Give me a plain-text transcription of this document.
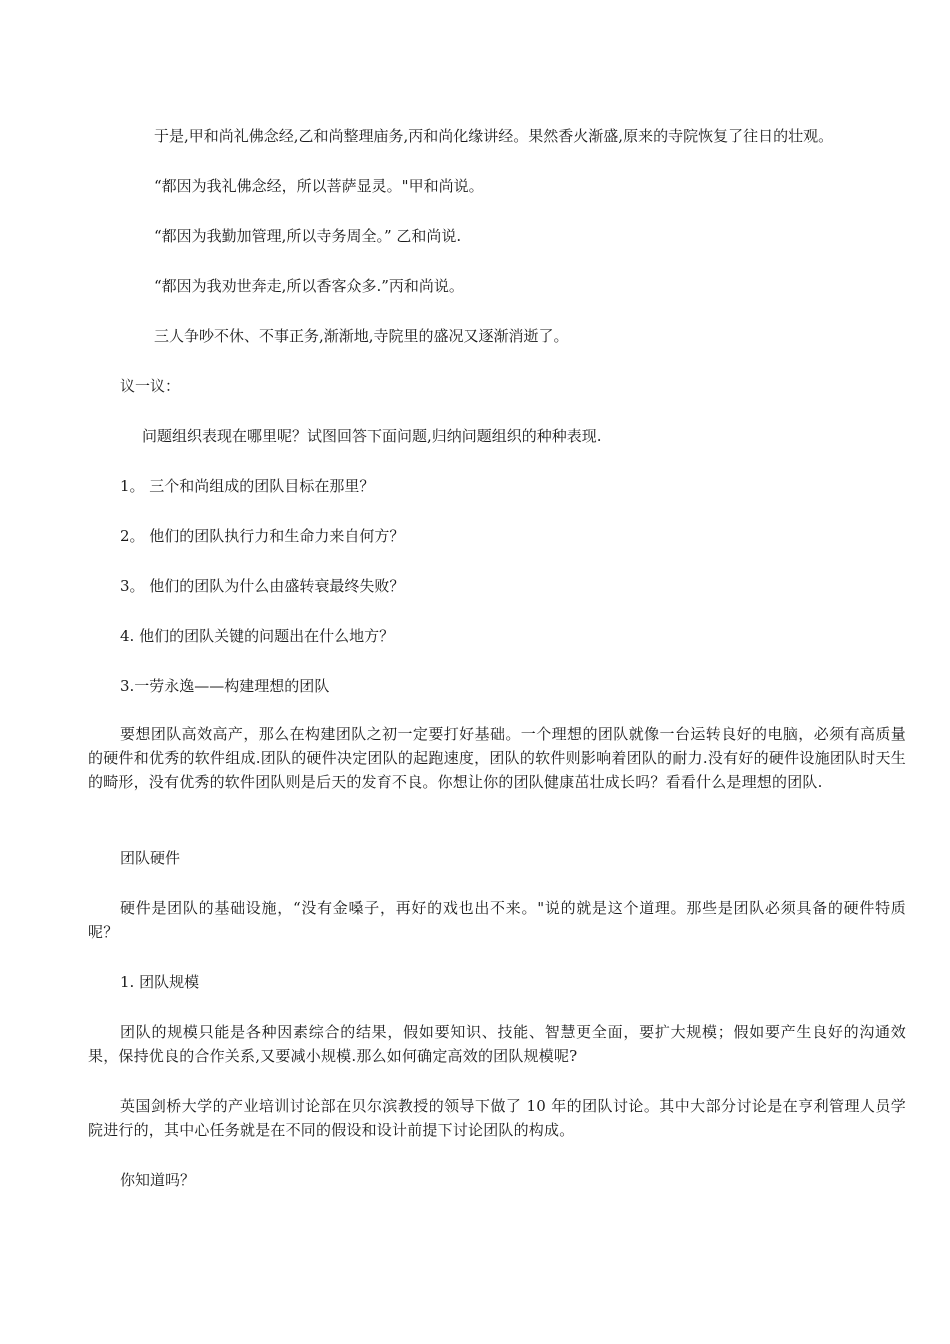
于是,甲和尚礼佛念经,乙和尚整理庙务,丙和尚化缘讲经。果然香火渐盛,原来的寺院恢复了往日的壮观。

“都因为我礼佛念经，所以菩萨显灵。"甲和尚说。

“都因为我勤加管理,所以寺务周全。” 乙和尚说.

“都因为我劝世奔走,所以香客众多.”丙和尚说。

三人争吵不休、不事正务,渐渐地,寺院里的盛况又逐渐消逝了。

议一议：

问题组织表现在哪里呢？试图回答下面问题,归纳问题组织的种种表现.

1。 三个和尚组成的团队目标在那里？

2。 他们的团队执行力和生命力来自何方？

3。 他们的团队为什么由盛转衰最终失败？

4. 他们的团队关键的问题出在什么地方？

3.一劳永逸——构建理想的团队

要想团队高效高产，那么在构建团队之初一定要打好基础。一个理想的团队就像一台运转良好的电脑，必须有高质量的硬件和优秀的软件组成.团队的硬件决定团队的起跑速度，团队的软件则影响着团队的耐力.没有好的硬件设施团队时天生的畸形，没有优秀的软件团队则是后天的发育不良。你想让你的团队健康茁壮成长吗？看看什么是理想的团队.

团队硬件

硬件是团队的基础设施，“没有金嗓子，再好的戏也出不来。"说的就是这个道理。那些是团队必须具备的硬件特质呢？

1. 团队规模

团队的规模只能是各种因素综合的结果，假如要知识、技能、智慧更全面，要扩大规模；假如要产生良好的沟通效果，保持优良的合作关系,又要减小规模.那么如何确定高效的团队规模呢?

英国剑桥大学的产业培训讨论部在贝尔滨教授的领导下做了 10 年的团队讨论。其中大部分讨论是在亨利管理人员学院进行的，其中心任务就是在不同的假设和设计前提下讨论团队的构成。

你知道吗？
